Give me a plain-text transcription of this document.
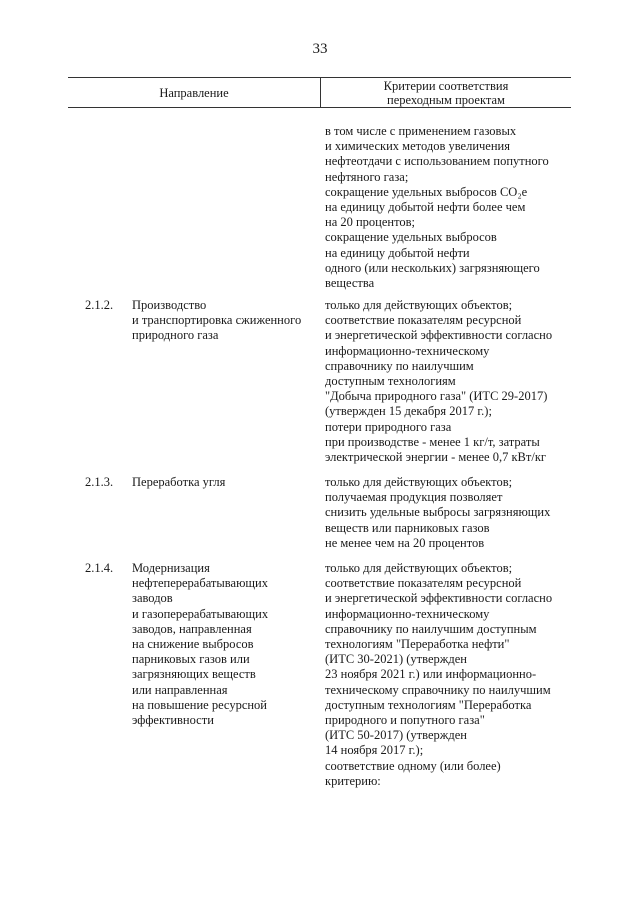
33
Направление	Критерии соответствия
переходным проектам
в том числе с применением газовых
и химических методов увеличения
нефтеотдачи с использованием попутного
нефтяного газа;
сокращение удельных выбросов CO₂e
на единицу добытой нефти более чем
на 20 процентов;
сокращение удельных выбросов
на единицу добытой нефти
одного (или нескольких) загрязняющего
вещества
2.1.2. Производство
и транспортировка сжиженного
природного газа
только для действующих объектов;
соответствие показателям ресурсной
и энергетической эффективности согласно
информационно-техническому
справочнику по наилучшим
доступным технологиям
"Добыча природного газа" (ИТС 29-2017)
(утвержден 15 декабря 2017 г.);
потери природного газа
при производстве - менее 1 кг/т, затраты
электрической энергии - менее 0,7 кВт/кг
2.1.3. Переработка угля	только для действующих объектов;
получаемая продукция позволяет
снизить удельные выбросы загрязняющих
веществ или парниковых газов
не менее чем на 20 процентов
2.1.4. Модернизация
нефтеперерабатывающих
заводов
и газоперерабатывающих
заводов, направленная
на снижение выбросов
парниковых газов или
загрязняющих веществ
или направленная
на повышение ресурсной
эффективности
только для действующих объектов;
соответствие показателям ресурсной
и энергетической эффективности согласно
информационно-техническому
справочнику по наилучшим доступным
технологиям "Переработка нефти"
(ИТС 30-2021) (утвержден
23 ноября 2021 г.) или информационно-
техническому справочнику по наилучшим
доступным технологиям "Переработка
природного и попутного газа"
(ИТС 50-2017) (утвержден
14 ноября 2017 г.);
соответствие одному (или более)
критерию:
